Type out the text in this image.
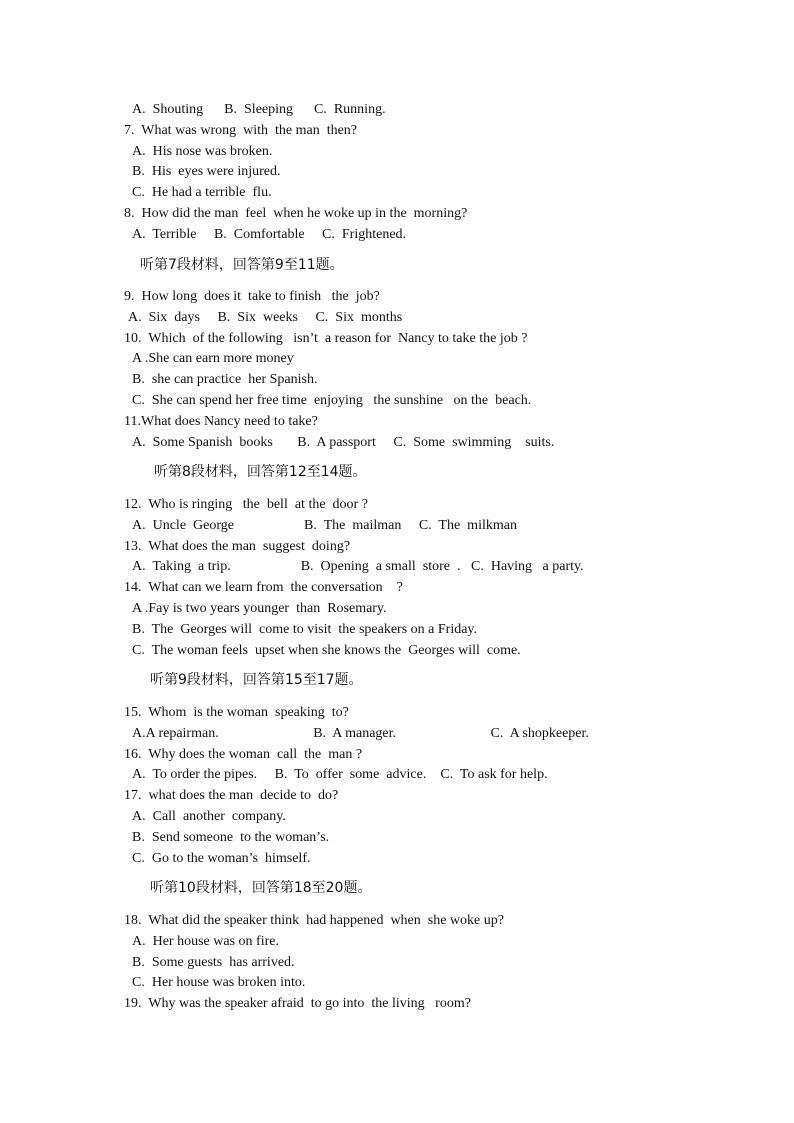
A.  Shouting      B.  Sleeping      C.  Running.
7.  What was wrong  with  the man  then?
A.  His nose was broken.
B.  His  eyes were injured.
C.  He had a terrible  flu.
8.  How did the man  feel  when he woke up in the  morning?
A.  Terrible     B.  Comfortable     C.  Frightened.
听第7段材料，回答第9至11题。
9.  How long  does it  take to finish   the  job?
A.  Six  days     B.  Six  weeks     C.  Six  months
10.  Which  of the following   isn’t  a reason for  Nancy to take the job ?
A .She can earn more money
B.  she can practice  her Spanish.
C.  She can spend her free time  enjoying   the sunshine   on the  beach.
11.What does Nancy need to take?
A.  Some Spanish  books       B.  A passport     C.  Some  swimming    suits.
听第8段材料，回答第12至14题。
12.  Who is ringing   the  bell  at the  door ?
A.  Uncle  George                    B.  The  mailman     C.  The  milkman
13.  What does the man  suggest  doing?
A.  Taking  a trip.                    B.  Opening  a small  store  .   C.  Having   a party.
14.  What can we learn from  the conversation    ?
A .Fay is two years younger  than  Rosemary.
B.  The  Georges will  come to visit  the speakers on a Friday.
C.  The woman feels  upset when she knows the  Georges will  come.
听第9段材料，回答第15至17题。
15.  Whom  is the woman  speaking  to?
A.A repairman.                           B.  A manager.                           C.  A shopkeeper.
16.  Why does the woman  call  the  man ?
A.  To order the pipes.     B.  To  offer  some  advice.    C.  To ask for help.
17.  what does the man  decide to  do?
A.  Call  another  company.
B.  Send someone  to the woman’s.
C.  Go to the woman’s  himself.
听第10段材料，回答第18至20题。
18.  What did the speaker think  had happened  when  she woke up?
A.  Her house was on fire.
B.  Some guests  has arrived.
C.  Her house was broken into.
19.  Why was the speaker afraid  to go into  the living   room?
